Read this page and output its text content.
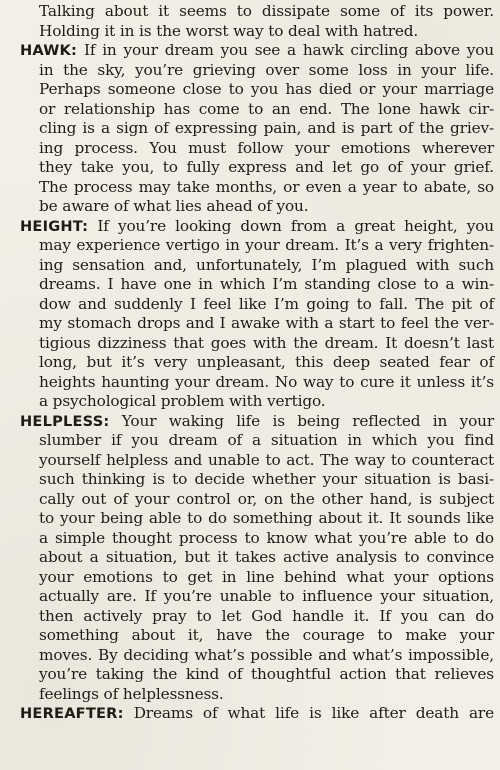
Talking about it seems to dissipate some of its power.
Holding it in is the worst way to deal with hatred.
HAWK: If in your dream you see a hawk circling above you
in the sky, you’re grieving over some loss in your life.
Perhaps someone close to you has died or your marriage
or relationship has come to an end. The lone hawk cir-
cling is a sign of expressing pain, and is part of the griev-
ing process. You must follow your emotions wherever
they take you, to fully express and let go of your grief.
The process may take months, or even a year to abate, so
be aware of what lies ahead of you.
HEIGHT: If you’re looking down from a great height, you
may experience vertigo in your dream. It’s a very frighten-
ing sensation and, unfortunately, I’m plagued with such
dreams. I have one in which I’m standing close to a win-
dow and suddenly I feel like I’m going to fall. The pit of
my stomach drops and I awake with a start to feel the ver-
tigious dizziness that goes with the dream. It doesn’t last
long, but it’s very unpleasant, this deep seated fear of
heights haunting your dream. No way to cure it unless it’s
a psychological problem with vertigo.
HELPLESS: Your waking life is being reflected in your
slumber if you dream of a situation in which you find
yourself helpless and unable to act. The way to counteract
such thinking is to decide whether your situation is basi-
cally out of your control or, on the other hand, is subject
to your being able to do something about it. It sounds like
a simple thought process to know what you’re able to do
about a situation, but it takes active analysis to convince
your emotions to get in line behind what your options
actually are. If you’re unable to influence your situation,
then actively pray to let God handle it. If you can do
something about it, have the courage to make your
moves. By deciding what’s possible and what’s impossible,
you’re taking the kind of thoughtful action that relieves
feelings of helplessness.
HEREAFTER: Dreams of what life is like after death are
